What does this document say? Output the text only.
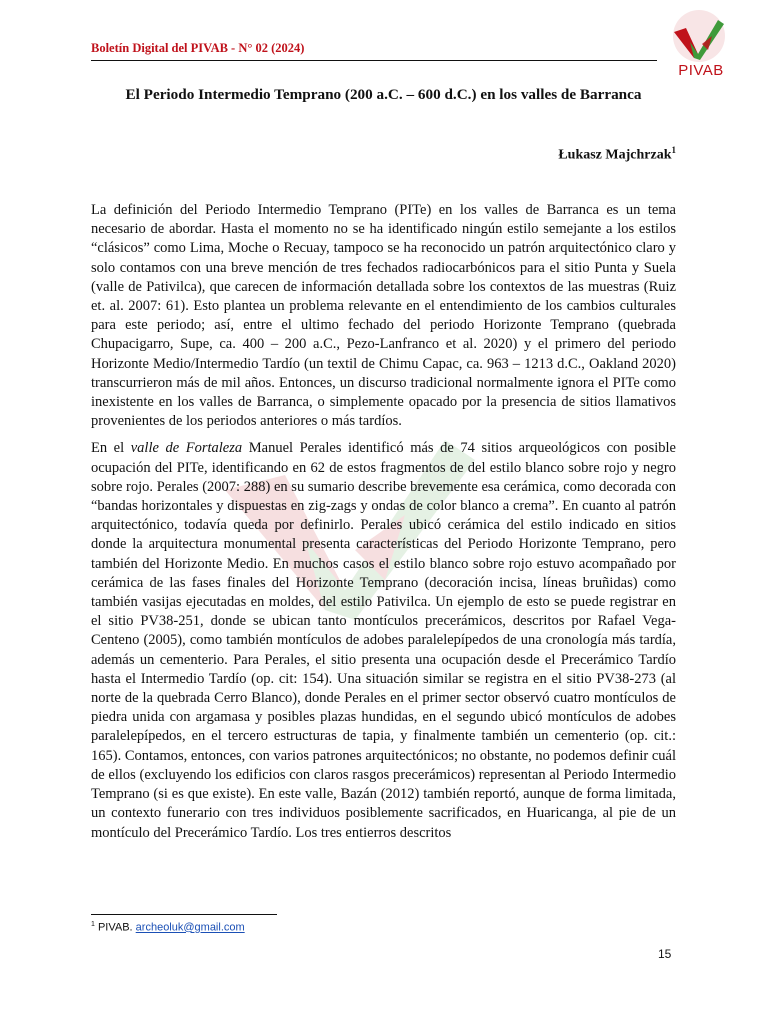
Boletín Digital del PIVAB - N° 02 (2024)
PIVAB
El Periodo Intermedio Temprano (200 a.C. – 600 d.C.) en los valles de Barranca
Łukasz Majchrzak$^1$

La definición del Periodo Intermedio Temprano (PITe) en los valles de Barranca es un tema necesario de abordar. Hasta el momento no se ha identificado ningún estilo semejante a los estilos “clásicos” como Lima, Moche o Recuay, tampoco se ha reconocido un patrón arquitectónico claro y solo contamos con una breve mención de tres fechados radiocarbónicos para el sitio Punta y Suela (valle de Pativilca), que carecen de información detallada sobre los contextos de las muestras (Ruiz et. al. 2007: 61). Esto plantea un problema relevante en el entendimiento de los cambios culturales para este periodo; así, entre el ultimo fechado del periodo Horizonte Temprano (quebrada Chupacigarro, Supe, ca. 400 – 200 a.C., Pezo-Lanfranco et al. 2020) y el primero del periodo Horizonte Medio/Intermedio Tardío (un textil de Chimu Capac, ca. 963 – 1213 d.C., Oakland 2020) transcurrieron más de mil años. Entonces, un discurso tradicional normalmente ignora el PITe como inexistente en los valles de Barranca, o simplemente opacado por la presencia de sitios llamativos provenientes de los periodos anteriores o más tardíos.

En el valle de Fortaleza Manuel Perales identificó más de 74 sitios arqueológicos con posible ocupación del PITe, identificando en 62 de estos fragmentos de del estilo blanco sobre rojo y negro sobre rojo. Perales (2007: 288) en su sumario describe brevemente esa cerámica, como decorada con “bandas horizontales y dispuestas en zig-zags y ondas de color blanco a crema”. En cuanto al patrón arquitectónico, todavía queda por definirlo. Perales ubicó cerámica del estilo indicado en sitios donde la arquitectura monumental presenta características del Periodo Horizonte Temprano, pero también del Horizonte Medio. En muchos casos el estilo blanco sobre rojo estuvo acompañado por cerámica de las fases finales del Horizonte Temprano (decoración incisa, líneas bruñidas) como también vasijas ejecutadas en moldes, del estilo Pativilca. Un ejemplo de esto se puede registrar en el sitio PV38-251, donde se ubican tanto montículos precerámicos, descritos por Rafael Vega-Centeno (2005), como también montículos de adobes paralelepípedos de una cronología más tardía, además un cementerio. Para Perales, el sitio presenta una ocupación desde el Precerámico Tardío hasta el Intermedio Tardío (op. cit: 154). Una situación similar se registra en el sitio PV38-273 (al norte de la quebrada Cerro Blanco), donde Perales en el primer sector observó cuatro montículos de piedra unida con argamasa y posibles plazas hundidas, en el segundo ubicó montículos de adobes paralelepípedos, en el tercero estructuras de tapia, y finalmente también un cementerio (op. cit.: 165). Contamos, entonces, con varios patrones arquitectónicos; no obstante, no podemos definir cuál de ellos (excluyendo los edificios con claros rasgos precerámicos) representan al Periodo Intermedio Temprano (si es que existe). En este valle, Bazán (2012) también reportó, aunque de forma limitada, un contexto funerario con tres individuos posiblemente sacrificados, en Huaricanga, al pie de un montículo del Precerámico Tardío. Los tres entierros descritos

$^1$ PIVAB. archeoluk@gmail.com
15
